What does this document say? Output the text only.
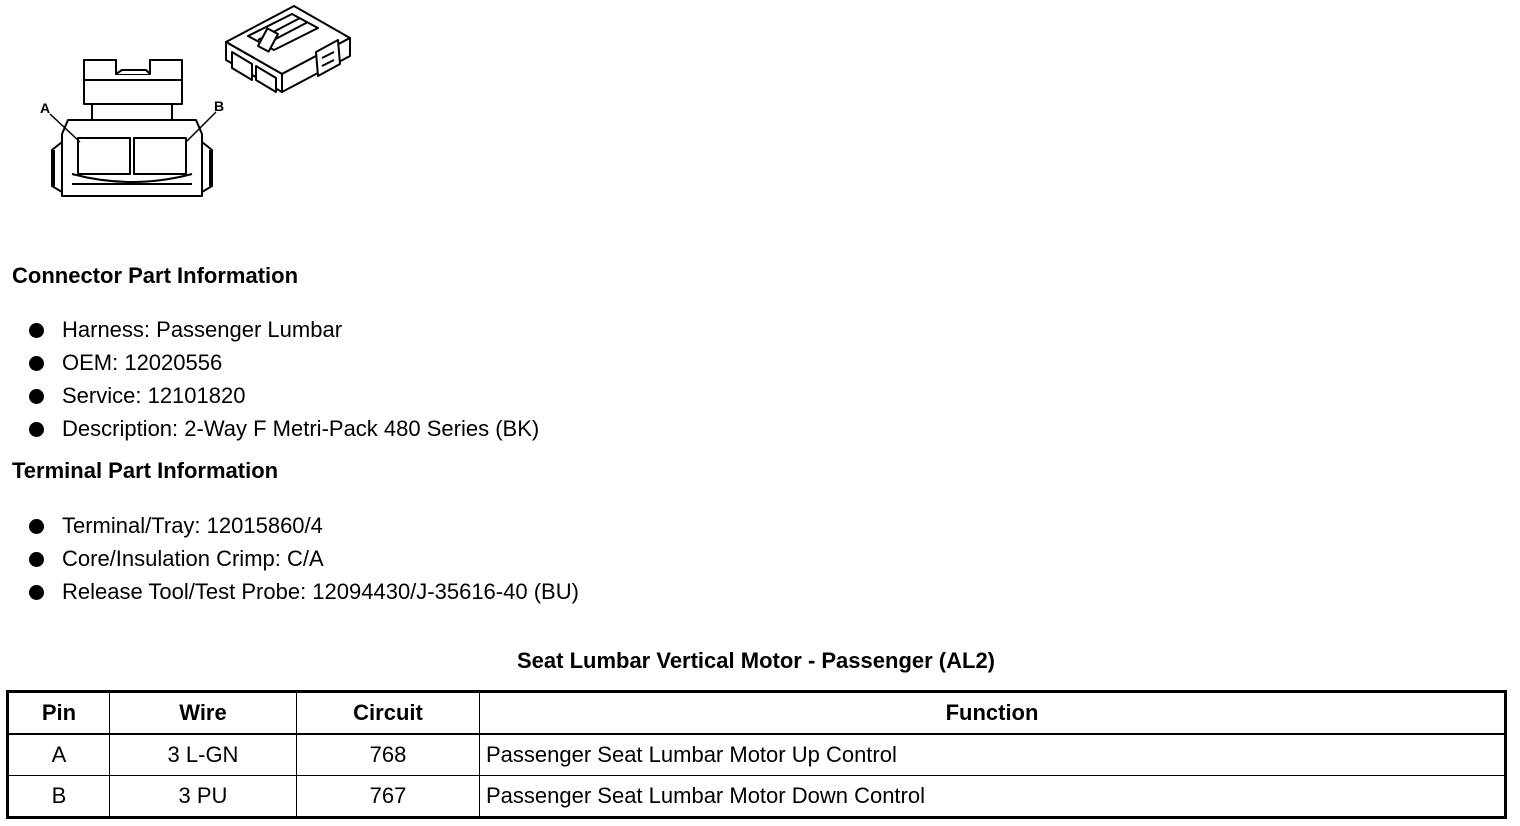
A	B
Connector Part Information
Harness: Passenger Lumbar
OEM: 12020556
Service: 12101820
Description: 2-Way F Metri-Pack 480 Series (BK)
Terminal Part Information
Terminal/Tray: 12015860/4
Core/Insulation Crimp: C/A
Release Tool/Test Probe: 12094430/J-35616-40 (BU)
Seat Lumbar Vertical Motor - Passenger (AL2)
Pin	Wire	Circuit	Function
A	3 L-GN	768	Passenger Seat Lumbar Motor Up Control
B	3 PU	767	Passenger Seat Lumbar Motor Down Control
